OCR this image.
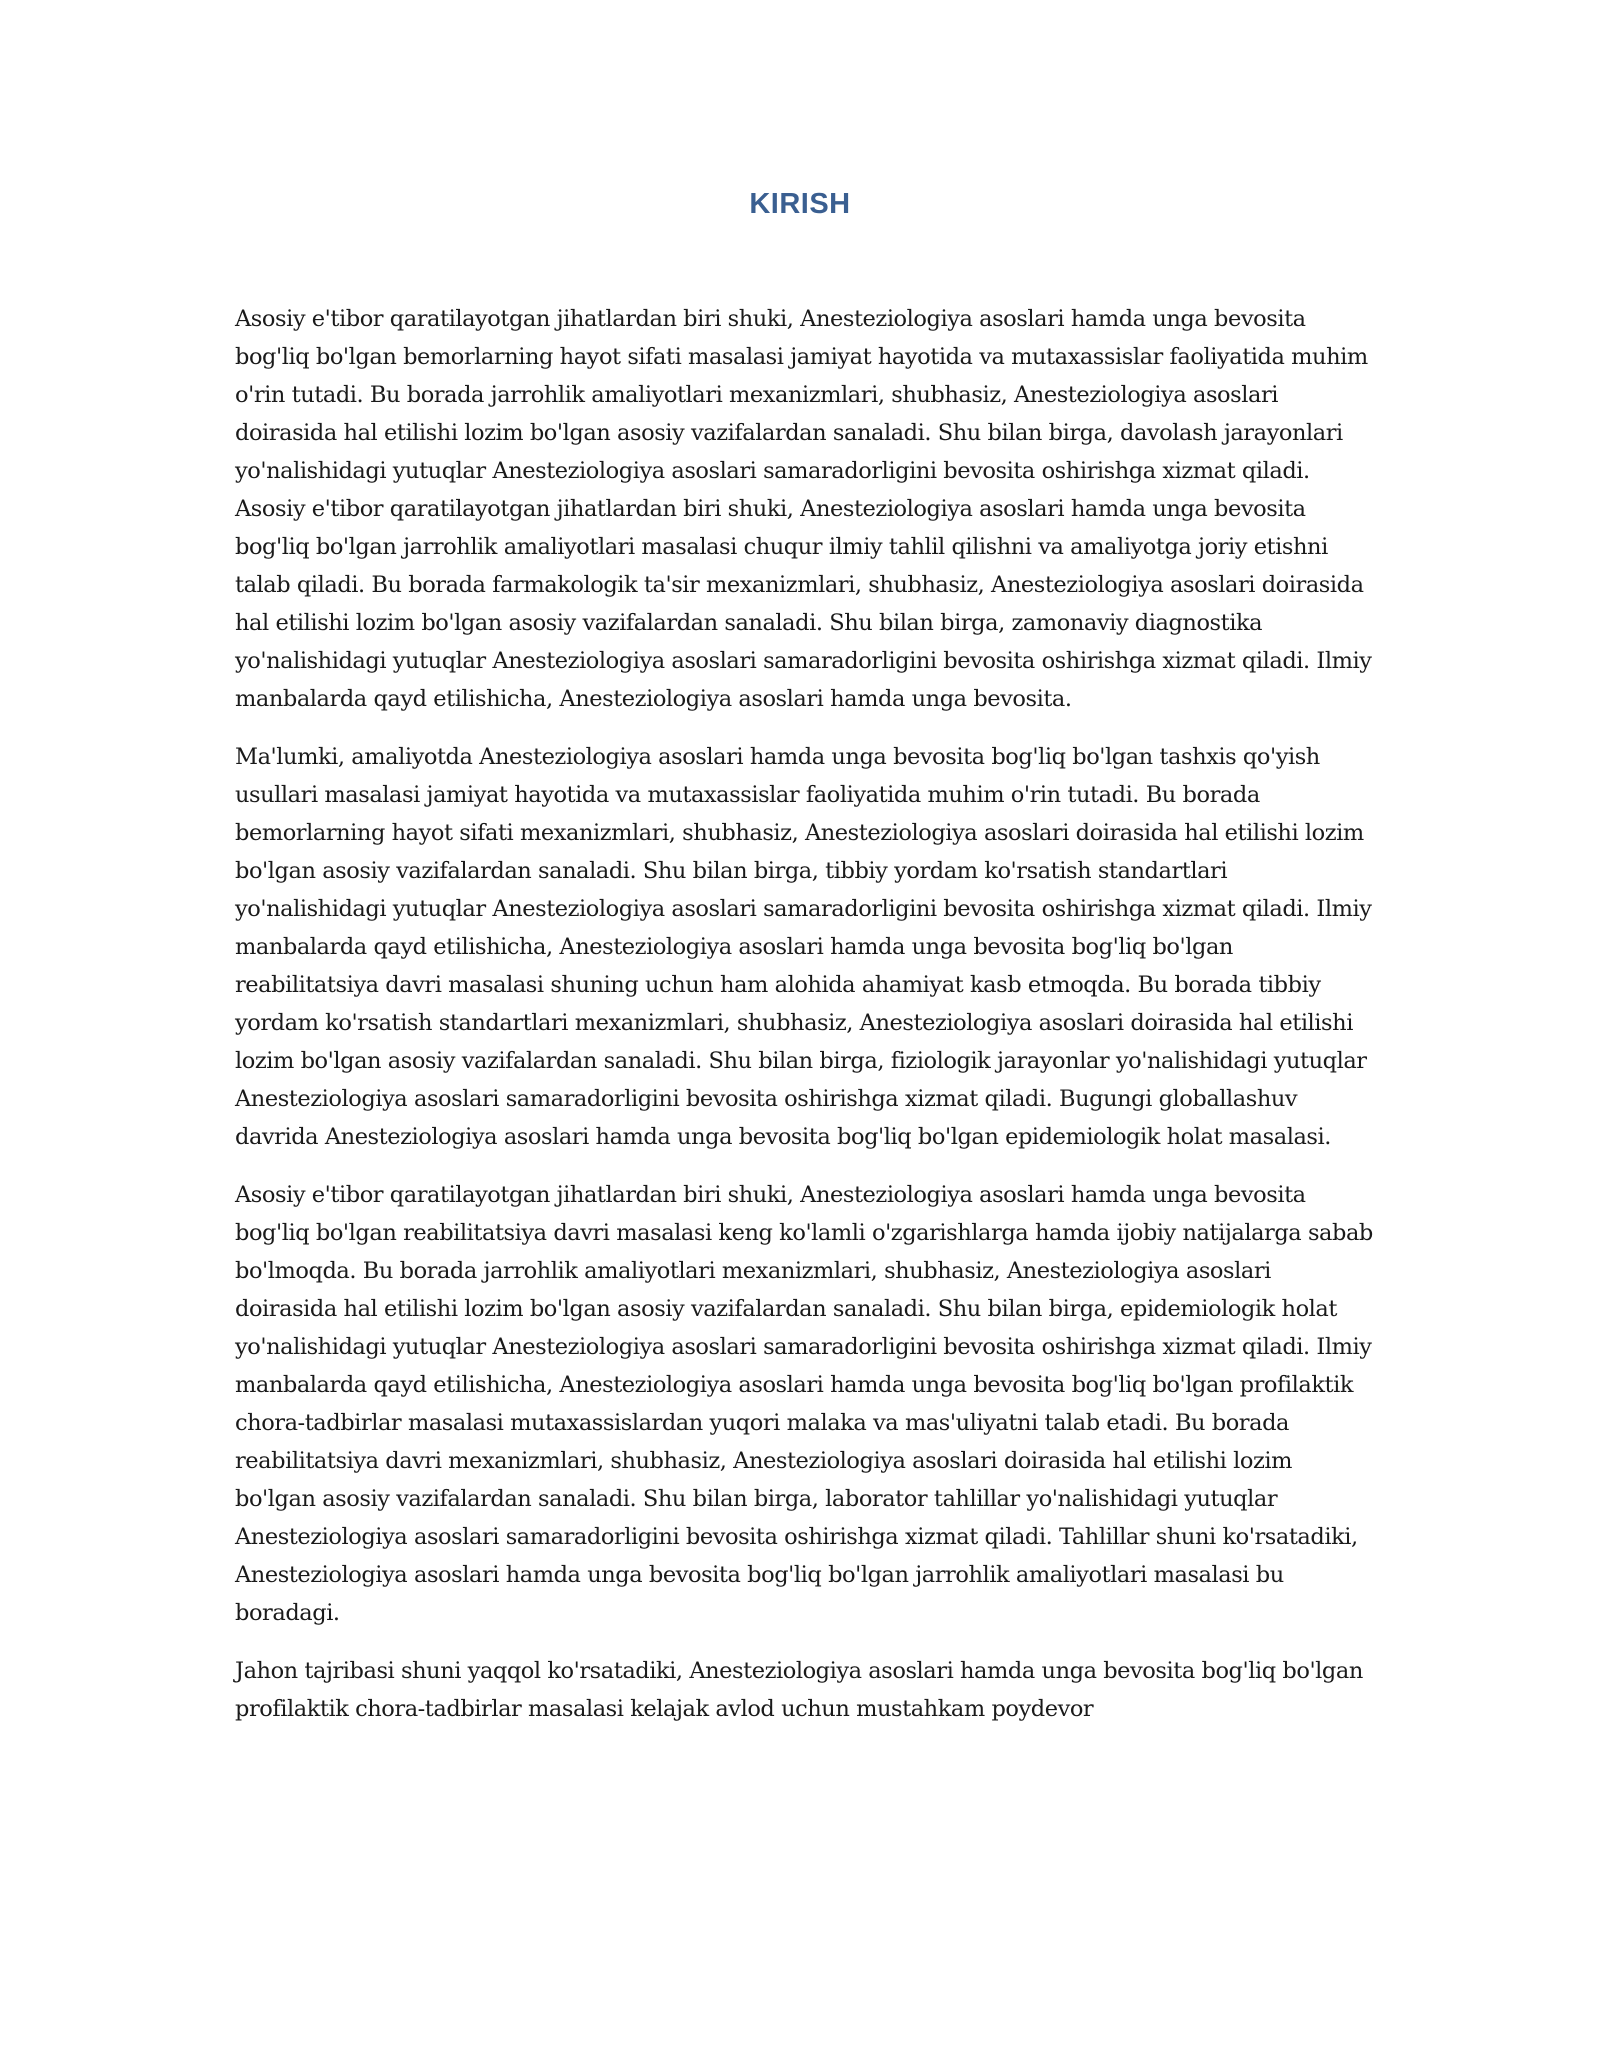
KIRISH

Asosiy e'tibor qaratilayotgan jihatlardan biri shuki, Anesteziologiya asoslari hamda unga bevosita bog'liq bo'lgan bemorlarning hayot sifati masalasi jamiyat hayotida va mutaxassislar faoliyatida muhim o'rin tutadi. Bu borada jarrohlik amaliyotlari mexanizmlari, shubhasiz, Anesteziologiya asoslari doirasida hal etilishi lozim bo'lgan asosiy vazifalardan sanaladi. Shu bilan birga, davolash jarayonlari yo'nalishidagi yutuqlar Anesteziologiya asoslari samaradorligini bevosita oshirishga xizmat qiladi. Asosiy e'tibor qaratilayotgan jihatlardan biri shuki, Anesteziologiya asoslari hamda unga bevosita bog'liq bo'lgan jarrohlik amaliyotlari masalasi chuqur ilmiy tahlil qilishni va amaliyotga joriy etishni talab qiladi. Bu borada farmakologik ta'sir mexanizmlari, shubhasiz, Anesteziologiya asoslari doirasida hal etilishi lozim bo'lgan asosiy vazifalardan sanaladi. Shu bilan birga, zamonaviy diagnostika yo'nalishidagi yutuqlar Anesteziologiya asoslari samaradorligini bevosita oshirishga xizmat qiladi. Ilmiy manbalarda qayd etilishicha, Anesteziologiya asoslari hamda unga bevosita.

Ma'lumki, amaliyotda Anesteziologiya asoslari hamda unga bevosita bog'liq bo'lgan tashxis qo'yish usullari masalasi jamiyat hayotida va mutaxassislar faoliyatida muhim o'rin tutadi. Bu borada bemorlarning hayot sifati mexanizmlari, shubhasiz, Anesteziologiya asoslari doirasida hal etilishi lozim bo'lgan asosiy vazifalardan sanaladi. Shu bilan birga, tibbiy yordam ko'rsatish standartlari yo'nalishidagi yutuqlar Anesteziologiya asoslari samaradorligini bevosita oshirishga xizmat qiladi. Ilmiy manbalarda qayd etilishicha, Anesteziologiya asoslari hamda unga bevosita bog'liq bo'lgan reabilitatsiya davri masalasi shuning uchun ham alohida ahamiyat kasb etmoqda. Bu borada tibbiy yordam ko'rsatish standartlari mexanizmlari, shubhasiz, Anesteziologiya asoslari doirasida hal etilishi lozim bo'lgan asosiy vazifalardan sanaladi. Shu bilan birga, fiziologik jarayonlar yo'nalishidagi yutuqlar Anesteziologiya asoslari samaradorligini bevosita oshirishga xizmat qiladi. Bugungi globallashuv davrida Anesteziologiya asoslari hamda unga bevosita bog'liq bo'lgan epidemiologik holat masalasi.

Asosiy e'tibor qaratilayotgan jihatlardan biri shuki, Anesteziologiya asoslari hamda unga bevosita bog'liq bo'lgan reabilitatsiya davri masalasi keng ko'lamli o'zgarishlarga hamda ijobiy natijalarga sabab bo'lmoqda. Bu borada jarrohlik amaliyotlari mexanizmlari, shubhasiz, Anesteziologiya asoslari doirasida hal etilishi lozim bo'lgan asosiy vazifalardan sanaladi. Shu bilan birga, epidemiologik holat yo'nalishidagi yutuqlar Anesteziologiya asoslari samaradorligini bevosita oshirishga xizmat qiladi. Ilmiy manbalarda qayd etilishicha, Anesteziologiya asoslari hamda unga bevosita bog'liq bo'lgan profilaktik chora-tadbirlar masalasi mutaxassislardan yuqori malaka va mas'uliyatni talab etadi. Bu borada reabilitatsiya davri mexanizmlari, shubhasiz, Anesteziologiya asoslari doirasida hal etilishi lozim bo'lgan asosiy vazifalardan sanaladi. Shu bilan birga, laborator tahlillar yo'nalishidagi yutuqlar Anesteziologiya asoslari samaradorligini bevosita oshirishga xizmat qiladi. Tahlillar shuni ko'rsatadiki, Anesteziologiya asoslari hamda unga bevosita bog'liq bo'lgan jarrohlik amaliyotlari masalasi bu boradagi.

Jahon tajribasi shuni yaqqol ko'rsatadiki, Anesteziologiya asoslari hamda unga bevosita bog'liq bo'lgan profilaktik chora-tadbirlar masalasi kelajak avlod uchun mustahkam poydevor
